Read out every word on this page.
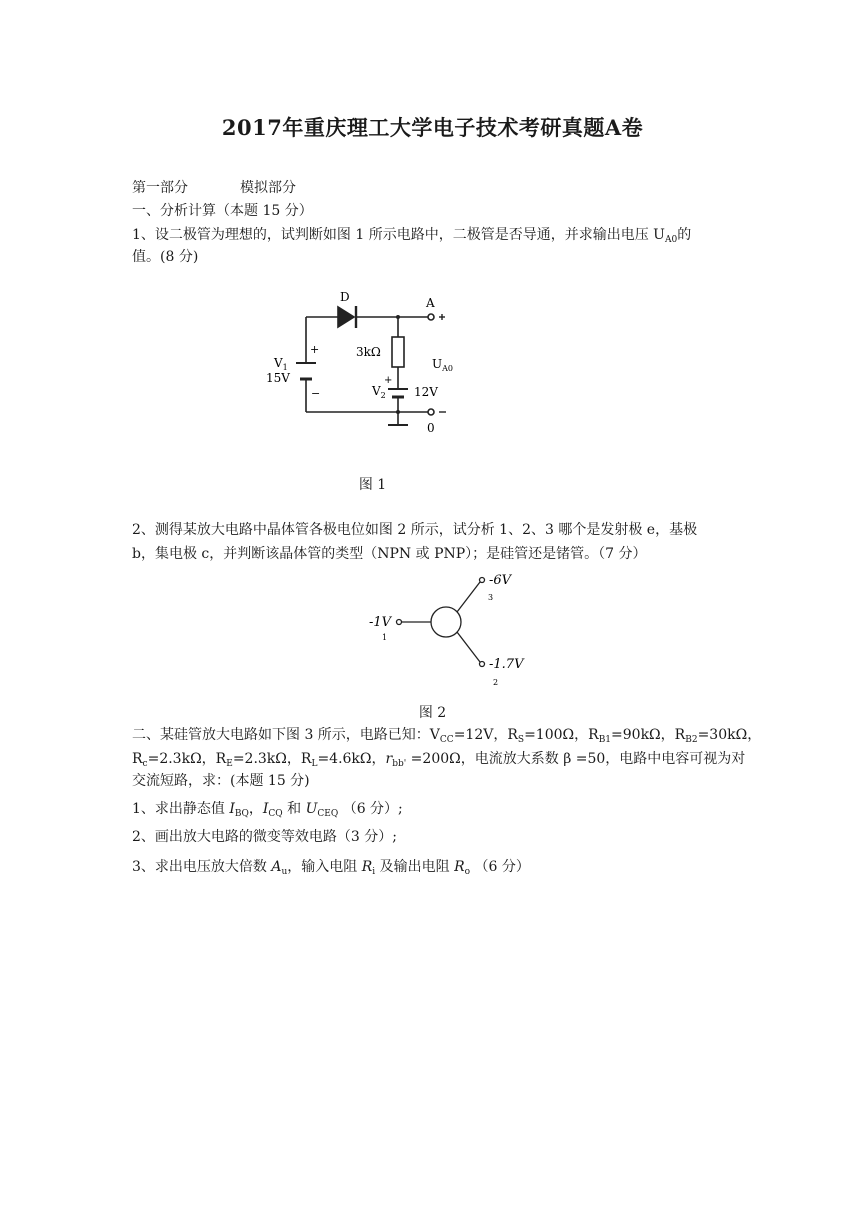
2017年重庆理工大学电子技术考研真题A卷
第一部分	模拟部分
一、分析计算（本题 15 分）
1、设二极管为理想的，试判断如图 1 所示电路中，二极管是否导通，并求输出电压 $U_{A0}$的
值。(8 分)
D	A
0
+
−
$V_1$
15V
3kΩ
+
$V_2$ 12V
$U_{A0}$
图 1
2、测得某放大电路中晶体管各极电位如图 2 所示，试分析 1、2、3 哪个是发射极 e，基极
b，集电极 c，并判断该晶体管的类型（NPN 或 PNP）；是硅管还是锗管。（7 分）
-1V
1
-6V
3
-1.7V
2
图 2
二、某硅管放大电路如下图 3 所示，电路已知：$V_{CC}=12V$，$R_S=100\Omega$，$R_{B1}=90k\Omega$，$R_{B2}=30k\Omega$，
$R_c=2.3k\Omega$，$R_E=2.3k\Omega$，$R_L=4.6k\Omega$，$r_{bb'} =200\Omega$，电流放大系数 β =50，电路中电容可视为对
交流短路，求：(本题 15 分)
1、求出静态值 $I_{BQ}$，$I_{CQ}$ 和 $U_{CEQ}$ （6 分）;
2、画出放大电路的微变等效电路（3 分）;
3、求出电压放大倍数 $A_u$，输入电阻 $R_i$ 及输出电阻 $R_o$ （6 分）
